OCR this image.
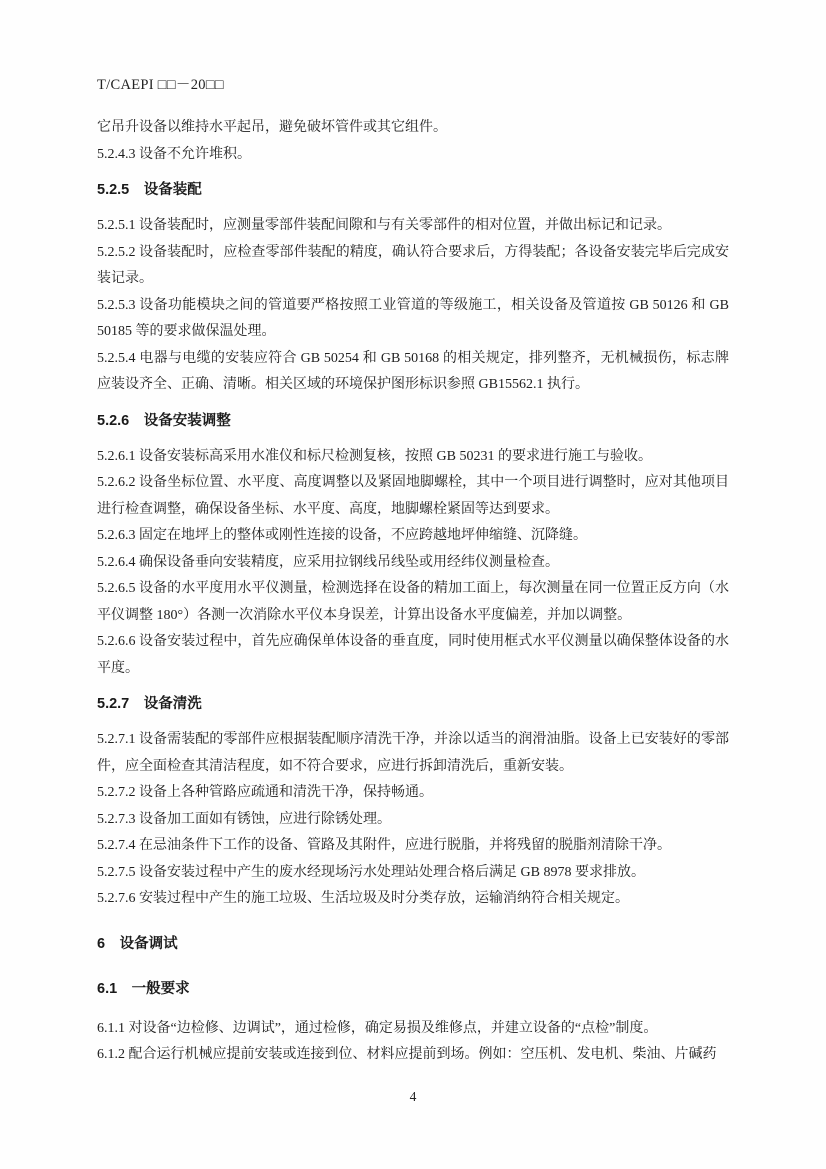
T/CAEPI □□－20□□
它吊升设备以维持水平起吊，避免破坏管件或其它组件。
5.2.4.3 设备不允许堆积。
5.2.5　设备装配
5.2.5.1 设备装配时，应测量零部件装配间隙和与有关零部件的相对位置，并做出标记和记录。
5.2.5.2 设备装配时，应检查零部件装配的精度，确认符合要求后，方得装配；各设备安装完毕后完成安装记录。
5.2.5.3 设备功能模块之间的管道要严格按照工业管道的等级施工，相关设备及管道按 GB 50126 和 GB 50185 等的要求做保温处理。
5.2.5.4 电器与电缆的安装应符合 GB 50254 和 GB 50168 的相关规定，排列整齐，无机械损伤，标志牌应装设齐全、正确、清晰。相关区域的环境保护图形标识参照 GB15562.1 执行。
5.2.6　设备安装调整
5.2.6.1 设备安装标高采用水准仪和标尺检测复核，按照 GB 50231 的要求进行施工与验收。
5.2.6.2 设备坐标位置、水平度、高度调整以及紧固地脚螺栓，其中一个项目进行调整时，应对其他项目进行检查调整，确保设备坐标、水平度、高度，地脚螺栓紧固等达到要求。
5.2.6.3 固定在地坪上的整体或刚性连接的设备，不应跨越地坪伸缩缝、沉降缝。
5.2.6.4 确保设备垂向安装精度，应采用拉钢线吊线坠或用经纬仪测量检查。
5.2.6.5 设备的水平度用水平仪测量，检测选择在设备的精加工面上，每次测量在同一位置正反方向（水平仪调整 180°）各测一次消除水平仪本身误差，计算出设备水平度偏差，并加以调整。
5.2.6.6 设备安装过程中，首先应确保单体设备的垂直度，同时使用框式水平仪测量以确保整体设备的水平度。
5.2.7　设备清洗
5.2.7.1 设备需装配的零部件应根据装配顺序清洗干净，并涂以适当的润滑油脂。设备上已安装好的零部件，应全面检查其清洁程度，如不符合要求，应进行拆卸清洗后，重新安装。
5.2.7.2 设备上各种管路应疏通和清洗干净，保持畅通。
5.2.7.3 设备加工面如有锈蚀，应进行除锈处理。
5.2.7.4 在忌油条件下工作的设备、管路及其附件，应进行脱脂，并将残留的脱脂剂清除干净。
5.2.7.5 设备安装过程中产生的废水经现场污水处理站处理合格后满足 GB 8978 要求排放。
5.2.7.6 安装过程中产生的施工垃圾、生活垃圾及时分类存放，运输消纳符合相关规定。
6　设备调试
6.1　一般要求
6.1.1 对设备“边检修、边调试”，通过检修，确定易损及维修点，并建立设备的“点检”制度。
6.1.2 配合运行机械应提前安装或连接到位、材料应提前到场。例如：空压机、发电机、柴油、片碱药
4
